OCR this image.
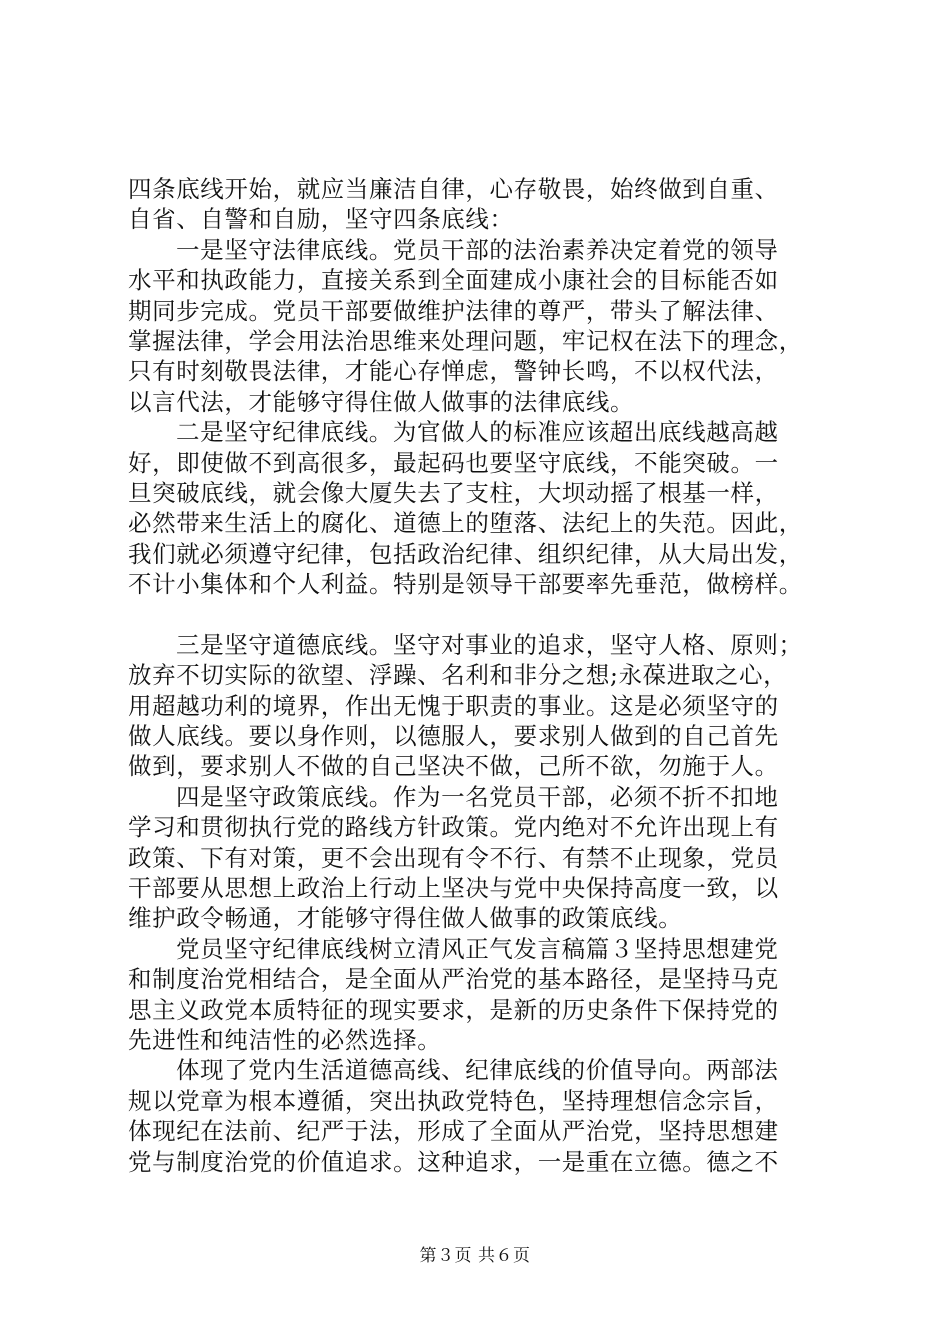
四条底线开始，就应当廉洁自律，心存敬畏，始终做到自重、
自省、自警和自励，坚守四条底线：
一是坚守法律底线。党员干部的法治素养决定着党的领导
水平和执政能力，直接关系到全面建成小康社会的目标能否如
期同步完成。党员干部要做维护法律的尊严，带头了解法律、
掌握法律，学会用法治思维来处理问题，牢记权在法下的理念，
只有时刻敬畏法律，才能心存惮虑，警钟长鸣，不以权代法，
以言代法，才能够守得住做人做事的法律底线。
二是坚守纪律底线。为官做人的标准应该超出底线越高越
好，即使做不到高很多，最起码也要坚守底线，不能突破。一
旦突破底线，就会像大厦失去了支柱，大坝动摇了根基一样，
必然带来生活上的腐化、道德上的堕落、法纪上的失范。因此，
我们就必须遵守纪律，包括政治纪律、组织纪律，从大局出发，
不计小集体和个人利益。特别是领导干部要率先垂范，做榜样。
三是坚守道德底线。坚守对事业的追求，坚守人格、原则；
放弃不切实际的欲望、浮躁、名利和非分之想;永葆进取之心，
用超越功利的境界，作出无愧于职责的事业。这是必须坚守的
做人底线。要以身作则，以德服人，要求别人做到的自己首先
做到，要求别人不做的自己坚决不做，己所不欲，勿施于人。
四是坚守政策底线。作为一名党员干部，必须不折不扣地
学习和贯彻执行党的路线方针政策。党内绝对不允许出现上有
政策、下有对策，更不会出现有令不行、有禁不止现象，党员
干部要从思想上政治上行动上坚决与党中央保持高度一致，以
维护政令畅通，才能够守得住做人做事的政策底线。
党员坚守纪律底线树立清风正气发言稿篇３坚持思想建党
和制度治党相结合，是全面从严治党的基本路径，是坚持马克
思主义政党本质特征的现实要求，是新的历史条件下保持党的
先进性和纯洁性的必然选择。
体现了党内生活道德高线、纪律底线的价值导向。两部法
规以党章为根本遵循，突出执政党特色，坚持理想信念宗旨，
体现纪在法前、纪严于法，形成了全面从严治党，坚持思想建
党与制度治党的价值追求。这种追求，一是重在立德。德之不
第３页 共６页
